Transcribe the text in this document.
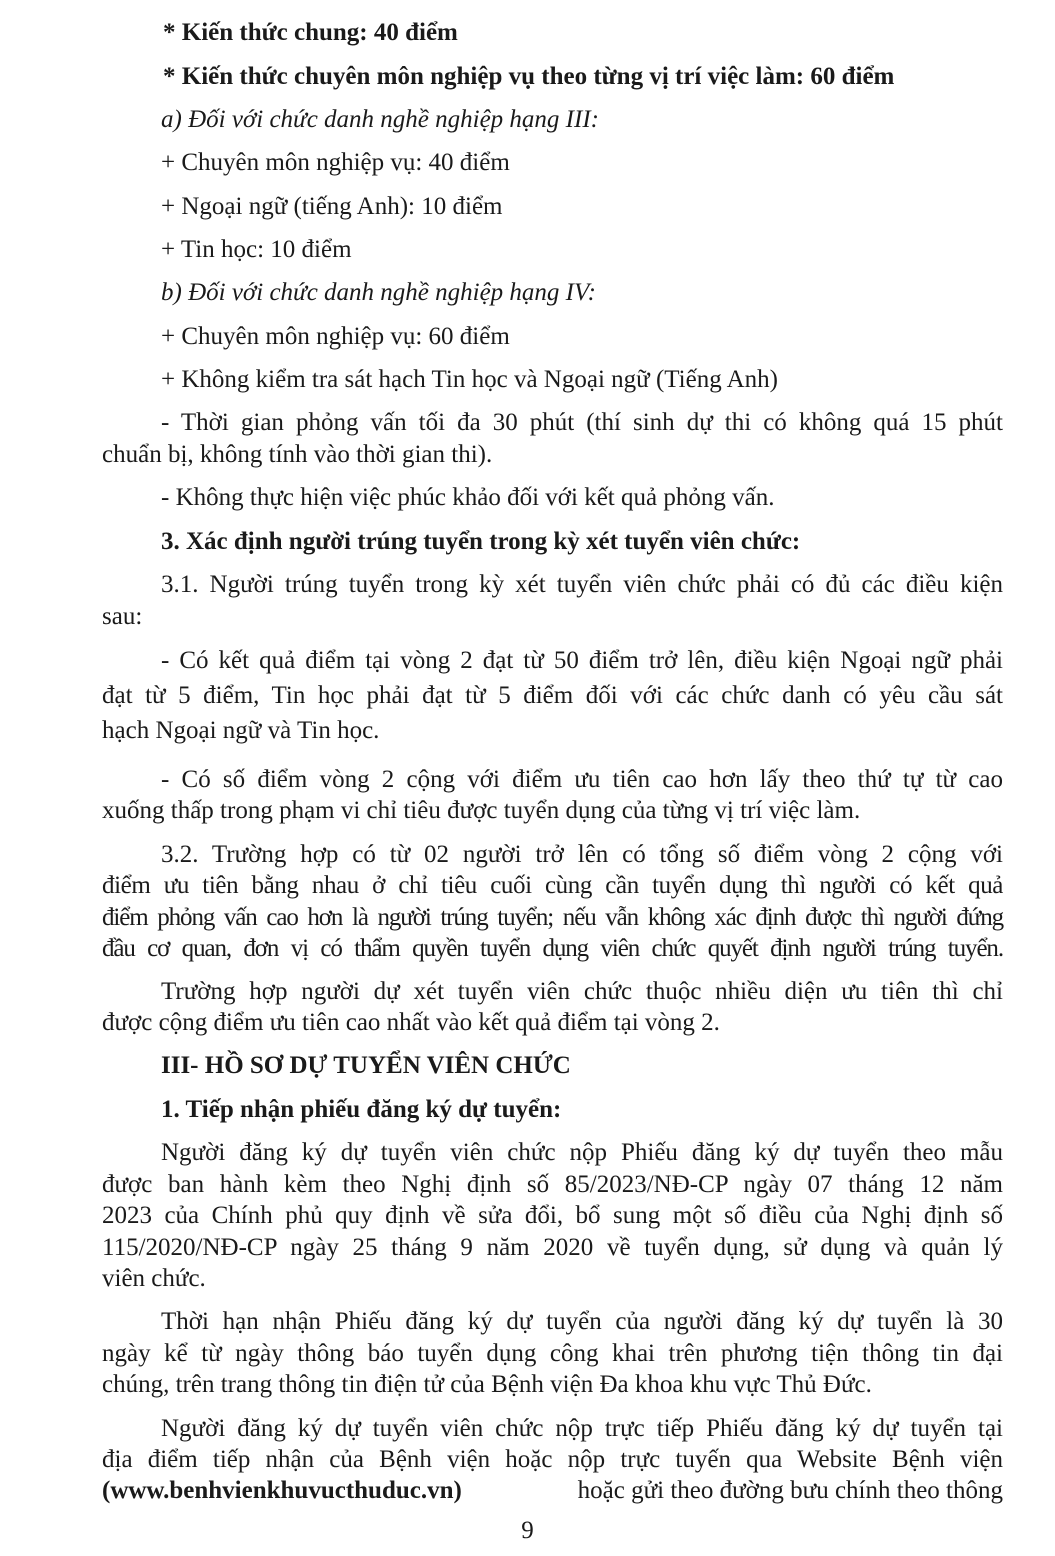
* Kiến thức chung: 40 điểm
* Kiến thức chuyên môn nghiệp vụ theo từng vị trí việc làm: 60 điểm
a) Đối với chức danh nghề nghiệp hạng III:
+ Chuyên môn nghiệp vụ: 40 điểm
+ Ngoại ngữ (tiếng Anh): 10 điểm
+ Tin học: 10 điểm
b) Đối với chức danh nghề nghiệp hạng IV:
+ Chuyên môn nghiệp vụ: 60 điểm
+ Không kiểm tra sát hạch Tin học và Ngoại ngữ (Tiếng Anh)
- Thời gian phỏng vấn tối đa 30 phút (thí sinh dự thi có không quá 15 phút
chuẩn bị, không tính vào thời gian thi).
- Không thực hiện việc phúc khảo đối với kết quả phỏng vấn.
3. Xác định người trúng tuyển trong kỳ xét tuyển viên chức:
3.1. Người trúng tuyển trong kỳ xét tuyển viên chức phải có đủ các điều kiện
sau:
- Có kết quả điểm tại vòng 2 đạt từ 50 điểm trở lên, điều kiện Ngoại ngữ phải
đạt từ 5 điểm, Tin học phải đạt từ 5 điểm đối với các chức danh có yêu cầu sát
hạch Ngoại ngữ và Tin học.
- Có số điểm vòng 2 cộng với điểm ưu tiên cao hơn lấy theo thứ tự từ cao
xuống thấp trong phạm vi chỉ tiêu được tuyển dụng của từng vị trí việc làm.
3.2. Trường hợp có từ 02 người trở lên có tổng số điểm vòng 2 cộng với
điểm ưu tiên bằng nhau ở chỉ tiêu cuối cùng cần tuyển dụng thì người có kết quả
điểm phỏng vấn cao hơn là người trúng tuyển; nếu vẫn không xác định được thì người đứng
đầu cơ quan, đơn vị có thẩm quyền tuyển dụng viên chức quyết định người trúng tuyển.
Trường hợp người dự xét tuyển viên chức thuộc nhiều diện ưu tiên thì chỉ
được cộng điểm ưu tiên cao nhất vào kết quả điểm tại vòng 2.
III- HỒ SƠ DỰ TUYỂN VIÊN CHỨC
1. Tiếp nhận phiếu đăng ký dự tuyển:
Người đăng ký dự tuyển viên chức nộp Phiếu đăng ký dự tuyển theo mẫu
được ban hành kèm theo Nghị định số 85/2023/NĐ-CP ngày 07 tháng 12 năm
2023 của Chính phủ quy định về sửa đổi, bổ sung một số điều của Nghị định số
115/2020/NĐ-CP ngày 25 tháng 9 năm 2020 về tuyển dụng, sử dụng và quản lý
viên chức.
Thời hạn nhận Phiếu đăng ký dự tuyển của người đăng ký dự tuyển là 30
ngày kể từ ngày thông báo tuyển dụng công khai trên phương tiện thông tin đại
chúng, trên trang thông tin điện tử của Bệnh viện Đa khoa khu vực Thủ Đức.
Người đăng ký dự tuyển viên chức nộp trực tiếp Phiếu đăng ký dự tuyển tại
địa điểm tiếp nhận của Bệnh viện hoặc nộp trực tuyến qua Website Bệnh viện
(www.benhvienkhuvucthuduc.vn)	hoặc gửi theo đường bưu chính theo thông
9
